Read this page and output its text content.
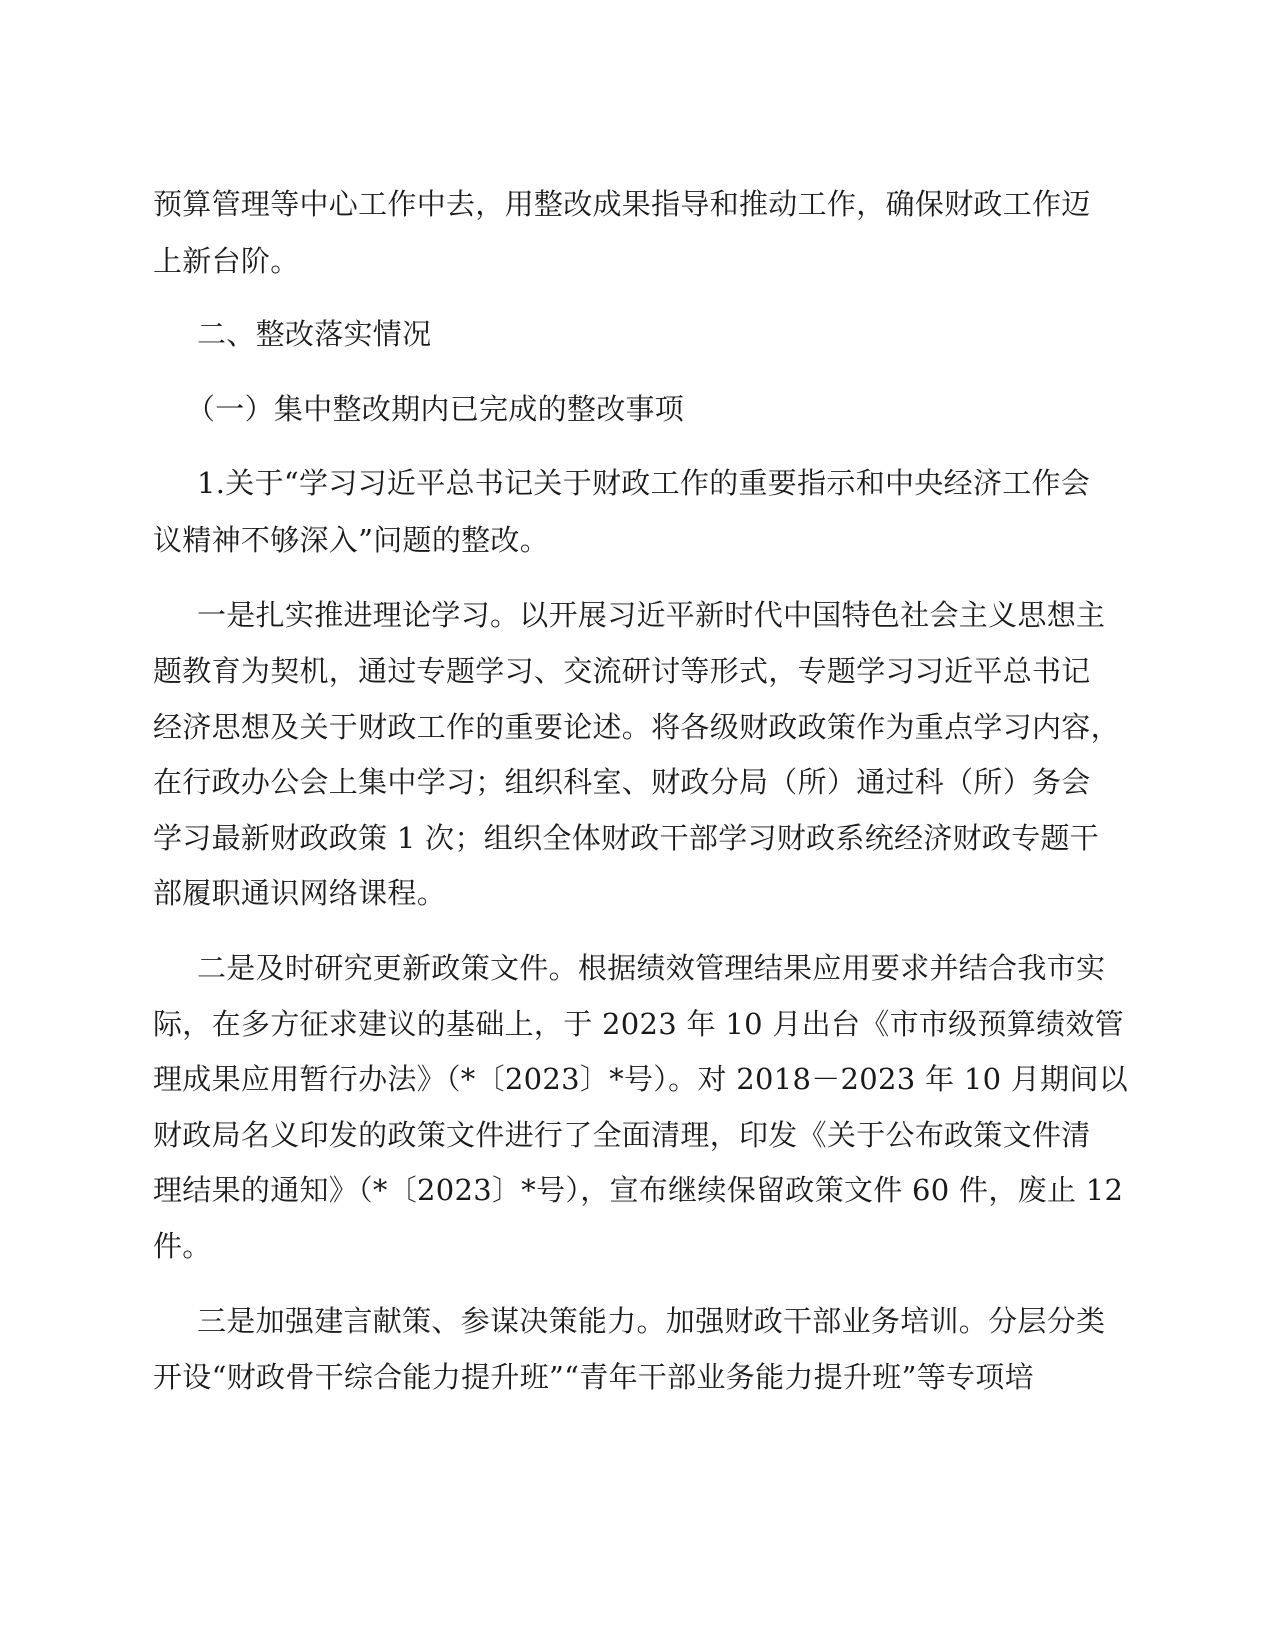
预算管理等中心工作中去，用整改成果指导和推动工作，确保财政工作迈
上新台阶。
二、整改落实情况
（一）集中整改期内已完成的整改事项
1.关于“学习习近平总书记关于财政工作的重要指示和中央经济工作会
议精神不够深入”问题的整改。
一是扎实推进理论学习。以开展习近平新时代中国特色社会主义思想主
题教育为契机，通过专题学习、交流研讨等形式，专题学习习近平总书记
经济思想及关于财政工作的重要论述。将各级财政政策作为重点学习内容，
在行政办公会上集中学习；组织科室、财政分局（所）通过科（所）务会
学习最新财政政策 1 次；组织全体财政干部学习财政系统经济财政专题干
部履职通识网络课程。
二是及时研究更新政策文件。根据绩效管理结果应用要求并结合我市实
际，在多方征求建议的基础上，于 2023 年 10 月出台《市市级预算绩效管
理成果应用暂行办法》（*〔2023〕*号）。对 2018－2023 年 10 月期间以
财政局名义印发的政策文件进行了全面清理，印发《关于公布政策文件清
理结果的通知》（*〔2023〕*号），宣布继续保留政策文件 60 件，废止 12
件。
三是加强建言献策、参谋决策能力。加强财政干部业务培训。分层分类
开设“财政骨干综合能力提升班”“青年干部业务能力提升班”等专项培
